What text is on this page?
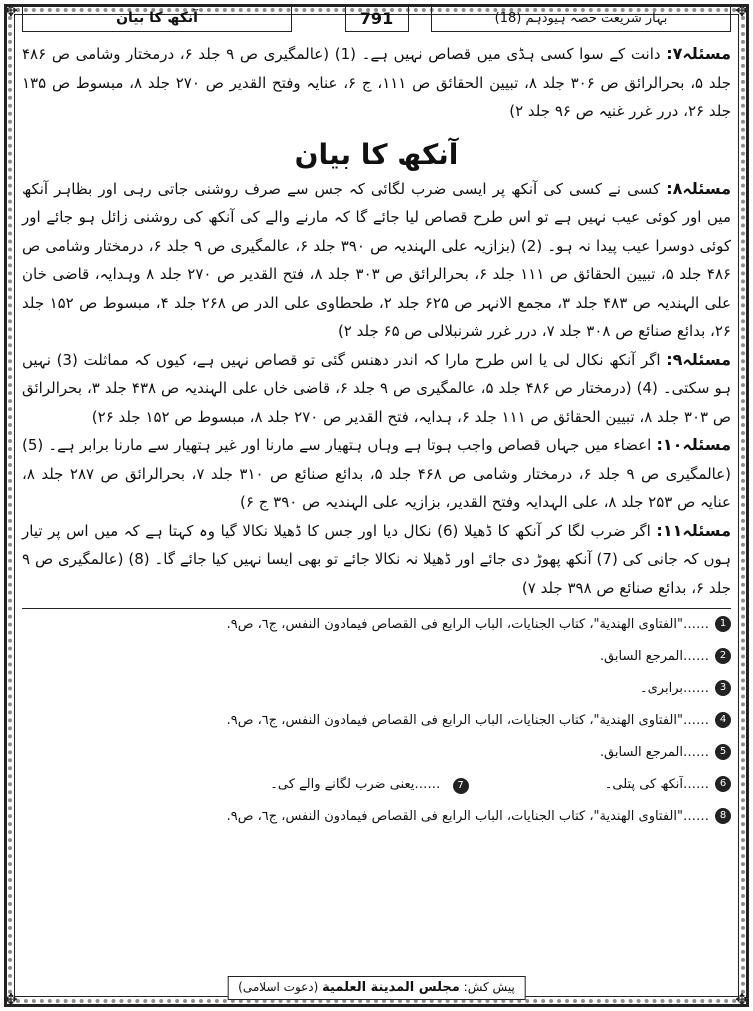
✥	✥
✥	✥
بہار شریعت حصہ ہیودہم (18)
791
آنکھ کا بیان

مسئلہ۷: دانت کے سوا کسی ہڈی میں قصاص نہیں ہے۔ (1) (عالمگیری ص ۹ جلد ۶، درمختار وشامی ص ۴۸۶ جلد ۵، بحرالرائق ص ۳۰۶ جلد ۸، تبیین الحقائق ص ۱۱۱، ج ۶، عنایہ وفتح القدیر ص ۲۷۰ جلد ۸، مبسوط ص ۱۳۵ جلد ۲۶، درر غرر غنیہ ص ۹۶ جلد ۲)

آنکھ کا بیان

مسئلہ۸: کسی نے کسی کی آنکھ پر ایسی ضرب لگائی کہ جس سے صرف روشنی جاتی رہی اور بظاہر آنکھ میں اور کوئی عیب نہیں ہے تو اس طرح قصاص لیا جائے گا کہ مارنے والے کی آنکھ کی روشنی زائل ہو جائے اور کوئی دوسرا عیب پیدا نہ ہو۔ (2) (بزازیہ علی الہندیہ ص ۳۹۰ جلد ۶، عالمگیری ص ۹ جلد ۶، درمختار وشامی ص ۴۸۶ جلد ۵، تبیین الحقائق ص ۱۱۱ جلد ۶، بحرالرائق ص ۳۰۳ جلد ۸، فتح القدیر ص ۲۷۰ جلد ۸ وہدایہ، قاضی خان علی الہندیہ ص ۴۸۳ جلد ۳، مجمع الانہر ص ۶۲۵ جلد ۲، طحطاوی علی الدر ص ۲۶۸ جلد ۴، مبسوط ص ۱۵۲ جلد ۲۶، بدائع صنائع ص ۳۰۸ جلد ۷، درر غرر شرنبلالی ص ۶۵ جلد ۲)

مسئلہ۹: اگر آنکھ نکال لی یا اس طرح مارا کہ اندر دھنس گئی تو قصاص نہیں ہے، کیوں کہ مماثلت (3) نہیں ہو سکتی۔ (4) (درمختار ص ۴۸۶ جلد ۵، عالمگیری ص ۹ جلد ۶، قاضی خاں علی الہندیہ ص ۴۳۸ جلد ۳، بحرالرائق ص ۳۰۳ جلد ۸، تبیین الحقائق ص ۱۱۱ جلد ۶، ہدایہ، فتح القدیر ص ۲۷۰ جلد ۸، مبسوط ص ۱۵۲ جلد ۲۶)

مسئلہ۱۰: اعضاء میں جہاں قصاص واجب ہوتا ہے وہاں ہتھیار سے مارنا اور غیر ہتھیار سے مارنا برابر ہے۔ (5) (عالمگیری ص ۹ جلد ۶، درمختار وشامی ص ۴۶۸ جلد ۵، بدائع صنائع ص ۳۱۰ جلد ۷، بحرالرائق ص ۲۸۷ جلد ۸، عنایہ ص ۲۵۳ جلد ۸، علی الہدایہ وفتح القدیر، بزازیہ علی الہندیہ ص ۳۹۰ ج ۶)

مسئلہ۱۱: اگر ضرب لگا کر آنکھ کا ڈھیلا (6) نکال دیا اور جس کا ڈھیلا نکالا گیا وہ کہتا ہے کہ میں اس پر تیار ہوں کہ جانی کی (7) آنکھ پھوڑ دی جائے اور ڈھیلا نہ نکالا جائے تو بھی ایسا نہیں کیا جائے گا۔ (8) (عالمگیری ص ۹ جلد ۶، بدائع صنائع ص ۳۹۸ جلد ۷)

1
……"الفتاوى الهندية"، كتاب الجنايات، الباب الرابع فى القصاص فيمادون النفس، ج٦، ص٩.
2
……المرجع السابق.
3
……برابری۔
4
……"الفتاوى الهندية"، كتاب الجنايات، الباب الرابع فى القصاص فيمادون النفس، ج٦، ص٩.
5
……المرجع السابق.
6
……آنکھ کی پتلی۔  7 ……یعنی ضرب لگانے والے کی۔
8
……"الفتاوى الهندية"، كتاب الجنايات، الباب الرابع فى القصاص فيمادون النفس، ج٦، ص٩.
پیش کش: مجلس المدينة العلمية (دعوت اسلامی)
